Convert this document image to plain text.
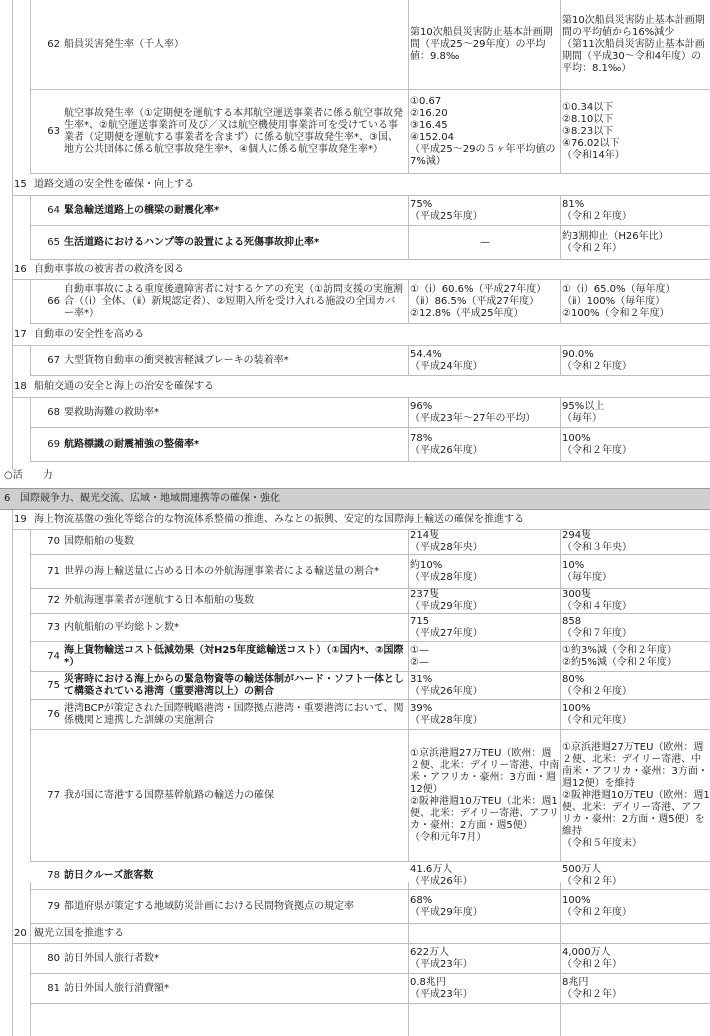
62 船員災害発生率（千人率）
第10次船員災害防止基本計画期間（平成25〜29年度）の平均値：9.8‰
第10次船員災害防止基本計画期間の平均値から16%減少
（第11次船員災害防止基本計画期間（平成30〜令和4年度）の平均：8.1‰）
63
航空事故発生率（①定期便を運航する本邦航空運送事業者に係る航空事故発生率*、②航空運送事業許可及び／又は航空機使用事業許可を受けている事業者（定期便を運航する事業者を含まず）に係る航空事故発生率*、③国、地方公共団体に係る航空事故発生率*、④個人に係る航空事故発生率*）
①0.67
②16.20
③16.45
④152.04
（平成25〜29の５ヶ年平均値の7%減）
①0.34以下
②8.10以下
③8.23以下
④76.02以下
（令和14年）
15 道路交通の安全性を確保・向上する
64 緊急輸送道路上の橋梁の耐震化率*
75%
（平成25年度）
81%
（令和２年度）
65 生活道路におけるハンプ等の設置による死傷事故抑止率*	—
約3割抑止（H26年比）
（令和２年）
16 自動車事故の被害者の救済を図る
66
自動車事故による重度後遺障害者に対するケアの充実（①訪問支援の実施割合（（ⅰ）全体、（ⅱ）新規認定者）、②短期入所を受け入れる施設の全国カバー率*）
①（ⅰ）60.6%（平成27年度）
（ⅱ）86.5%（平成27年度）
②12.8%（平成25年度）
①（ⅰ）65.0%（毎年度）
（ⅱ）100%（毎年度）
②100%（令和２年度）
17 自動車の安全性を高める
67 大型貨物自動車の衝突被害軽減ブレーキの装着率*
54.4%
（平成24年度）
90.0%
（令和２年度）
18 船舶交通の安全と海上の治安を確保する
68 要救助海難の救助率*
96%
（平成23年〜27年の平均）
95%以上
（毎年）
69 航路標識の耐震補強の整備率*
78%
（平成26年度）
100%
（令和２年度）
○活　　力
6 国際競争力、観光交流、広域・地域間連携等の確保・強化
19 海上物流基盤の強化等総合的な物流体系整備の推進、みなとの振興、安定的な国際海上輸送の確保を推進する
70 国際船舶の隻数
214隻
（平成28年央）
294隻
（令和３年央）
71 世界の海上輸送量に占める日本の外航海運事業者による輸送量の割合*
約10%
（平成28年度）
10%
（毎年度）
72 外航海運事業者が運航する日本船舶の隻数
237隻
（平成29年度）
300隻
（令和４年度）
73 内航船舶の平均総トン数*
715
（平成27年度）
858
（令和７年度）
74
海上貨物輸送コスト低減効果（対H25年度総輸送コスト）（①国内*、②国際*）
①—
②—
①約3%減（令和２年度）
②約5%減（令和２年度）
75
災害時における海上からの緊急物資等の輸送体制がハード・ソフト一体として構築されている港湾（重要港湾以上）の割合
31%
（平成26年度）
80%
（令和２年度）
76
港湾BCPが策定された国際戦略港湾・国際拠点港湾・重要港湾において、関係機関と連携した訓練の実施割合
39%
（平成28年度）
100%
（令和元年度）
77 我が国に寄港する国際基幹航路の輸送力の確保
①京浜港週27万TEU（欧州：週２便、北米：デイリー寄港、中南米・アフリカ・豪州：3方面・週12便）
②阪神港週10万TEU（北米：週1便、北米：デイリー寄港、アフリカ・豪州：2方面・週5便）
（令和元年7月）
①京浜港週27万TEU（欧州：週２便、北米：デイリー寄港、中南米・アフリカ・豪州：3方面・週12便）を維持
②阪神港週10万TEU（欧州：週1便、北米：デイリー寄港、アフリカ・豪州：2方面・週5便）を維持
（令和５年度末）
78 訪日クルーズ旅客数
41.6万人
（平成26年）
500万人
（令和２年）
79 都道府県が策定する地域防災計画における民間物資拠点の規定率
68%
（平成29年度）
100%
（令和２年度）
20 観光立国を推進する
80 訪日外国人旅行者数*
622万人
（平成23年）
4,000万人
（令和２年）
81 訪日外国人旅行消費額*
0.8兆円
（平成23年）
8兆円
（令和２年）
